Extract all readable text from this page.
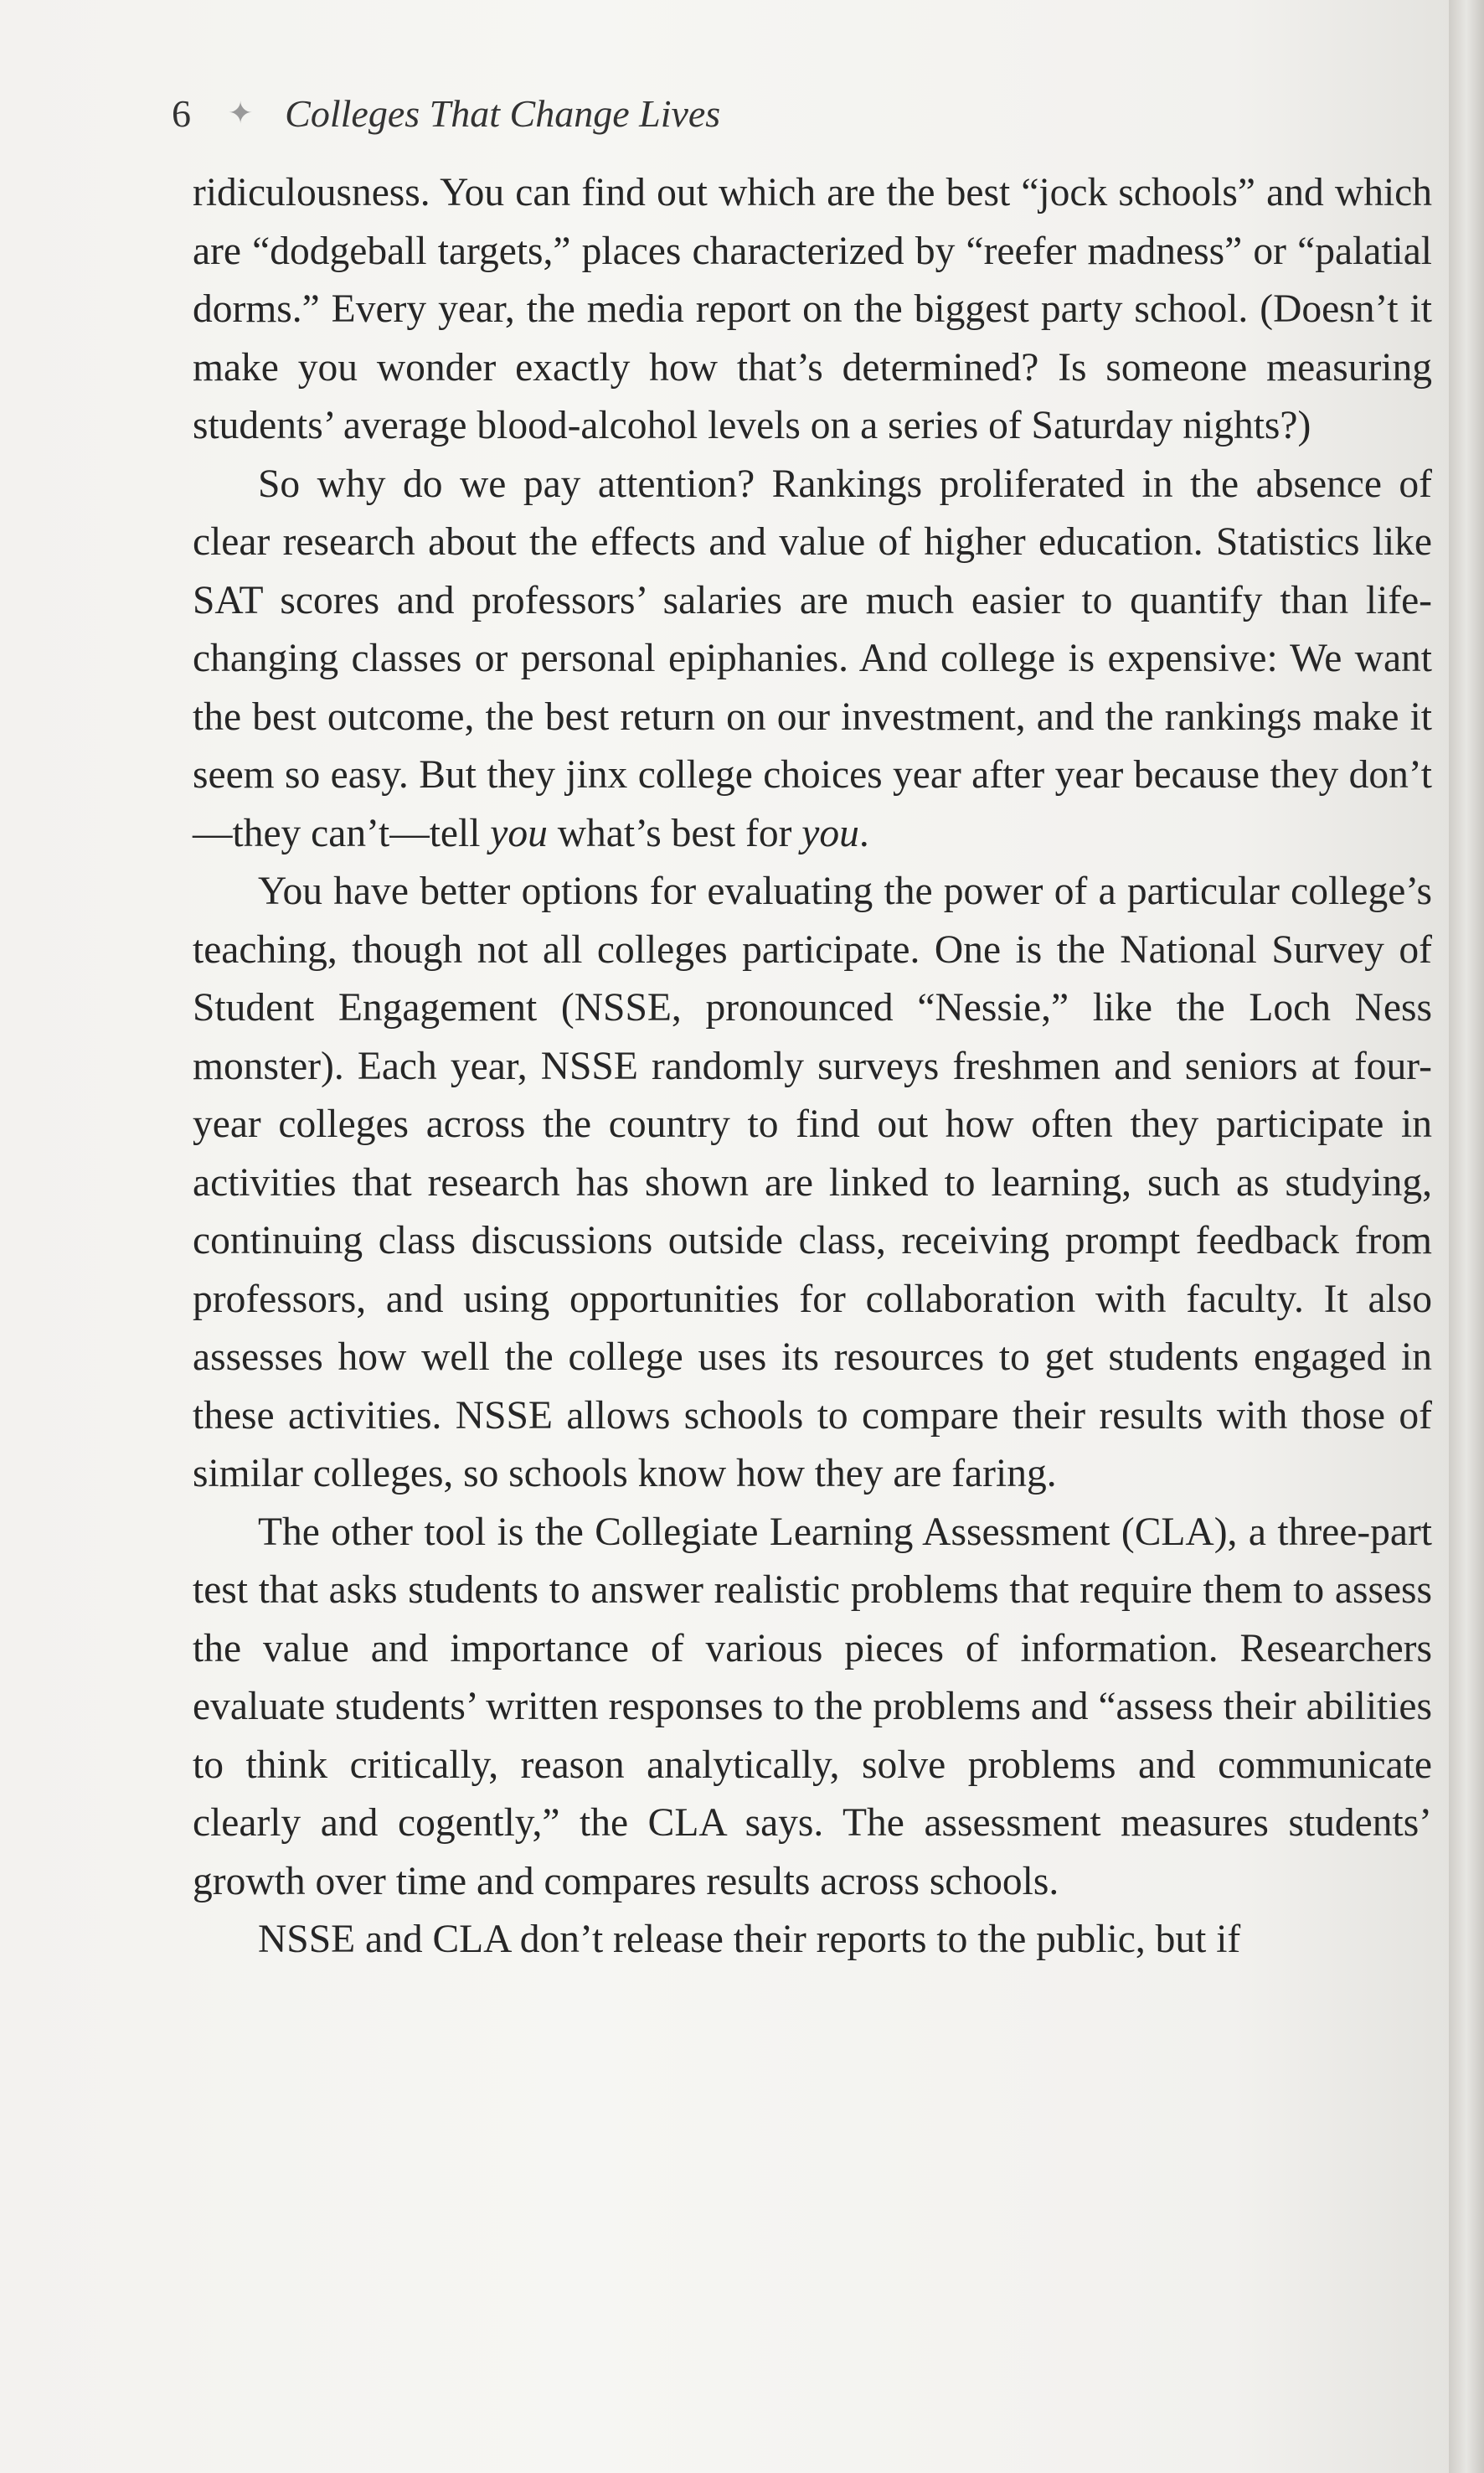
6 ✦ Colleges That Change Lives

ridiculousness. You can find out which are the best “jock schools” and which are “dodgeball targets,” places characterized by “reefer madness” or “palatial dorms.” Every year, the media report on the biggest party school. (Doesn’t it make you wonder exactly how that’s determined? Is someone measuring students’ average blood-alcohol levels on a series of Saturday nights?)

So why do we pay attention? Rankings proliferated in the absence of clear research about the effects and value of higher education. Statistics like SAT scores and professors’ salaries are much easier to quantify than life-changing classes or personal epiphanies. And college is expensive: We want the best outcome, the best return on our investment, and the rankings make it seem so easy. But they jinx college choices year after year because they don’t—they can’t—tell you what’s best for you.

You have better options for evaluating the power of a particular college’s teaching, though not all colleges participate. One is the National Survey of Student Engagement (NSSE, pronounced “Nessie,” like the Loch Ness monster). Each year, NSSE randomly surveys freshmen and seniors at four-year colleges across the country to find out how often they participate in activities that research has shown are linked to learning, such as studying, continuing class discussions outside class, receiving prompt feedback from professors, and using opportunities for collaboration with faculty. It also assesses how well the college uses its resources to get students engaged in these activities. NSSE allows schools to compare their results with those of similar colleges, so schools know how they are faring.

The other tool is the Collegiate Learning Assessment (CLA), a three-part test that asks students to answer realistic problems that require them to assess the value and importance of various pieces of information. Researchers evaluate students’ written responses to the problems and “assess their abilities to think critically, reason analytically, solve problems and communicate clearly and cogently,” the CLA says. The assessment measures students’ growth over time and compares results across schools.

NSSE and CLA don’t release their reports to the public, but if
